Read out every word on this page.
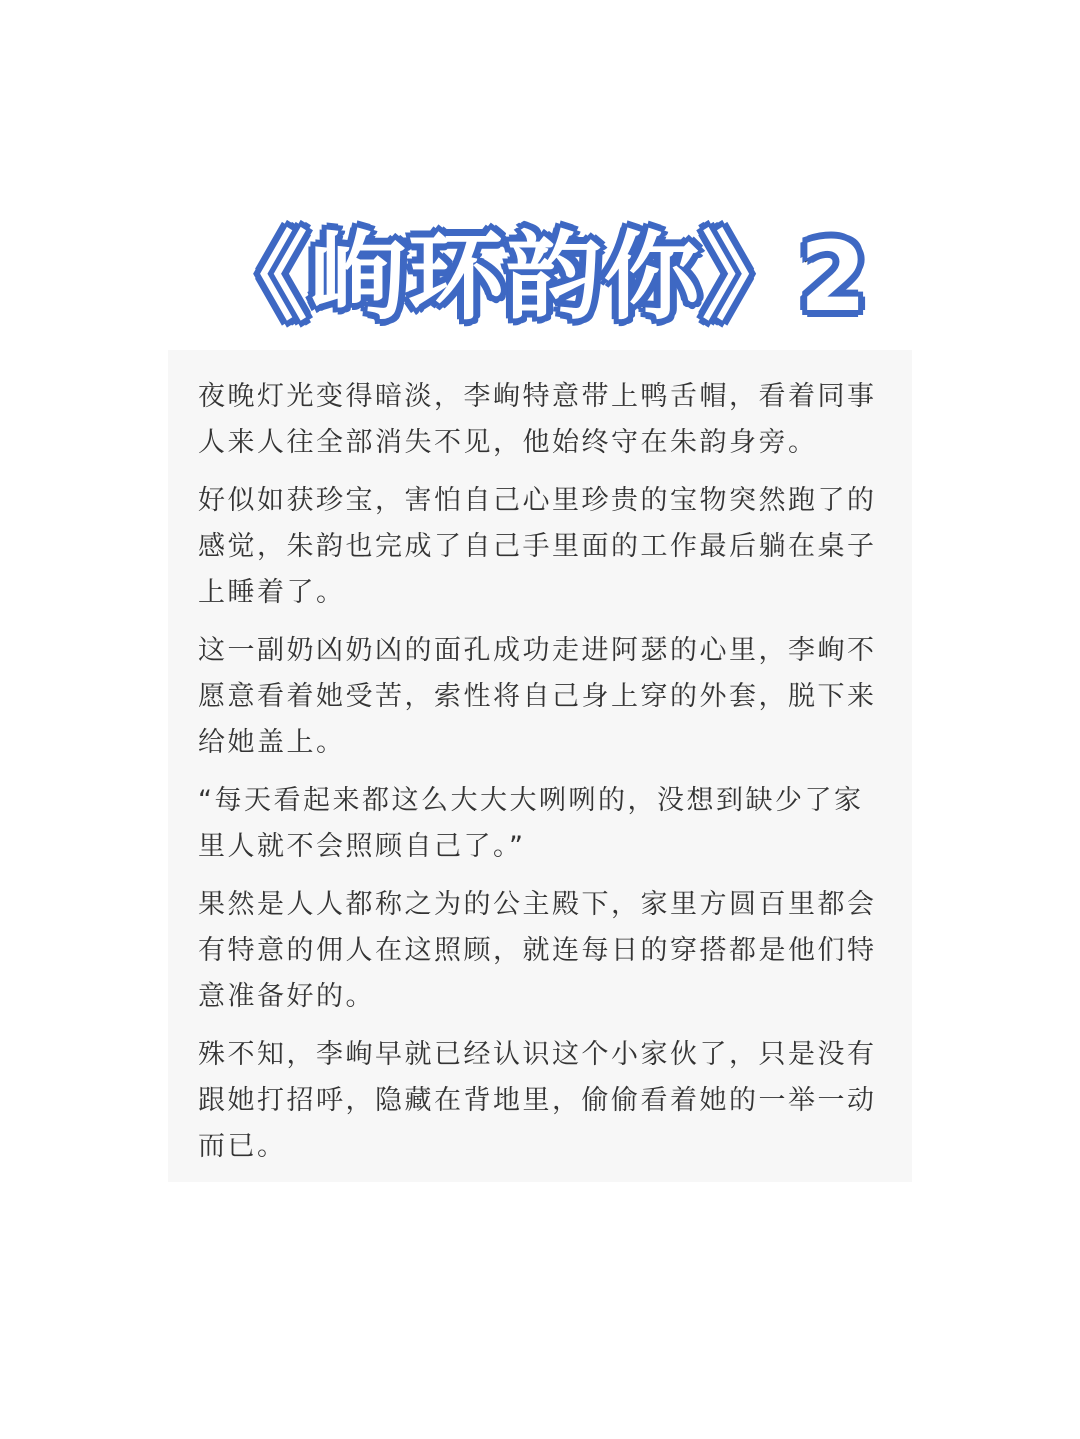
《峋环韵你》2

夜晚灯光变得暗淡，李峋特意带上鸭舌帽，看着同事人来人往全部消失不见，他始终守在朱韵身旁。

好似如获珍宝，害怕自己心里珍贵的宝物突然跑了的感觉，朱韵也完成了自己手里面的工作最后躺在桌子上睡着了。

这一副奶凶奶凶的面孔成功走进阿瑟的心里，李峋不愿意看着她受苦，索性将自己身上穿的外套，脱下来给她盖上。

“每天看起来都这么大大大咧咧的，没想到缺少了家里人就不会照顾自己了。”

果然是人人都称之为的公主殿下，家里方圆百里都会有特意的佣人在这照顾，就连每日的穿搭都是他们特意准备好的。

殊不知，李峋早就已经认识这个小家伙了，只是没有跟她打招呼，隐藏在背地里，偷偷看着她的一举一动而已。
